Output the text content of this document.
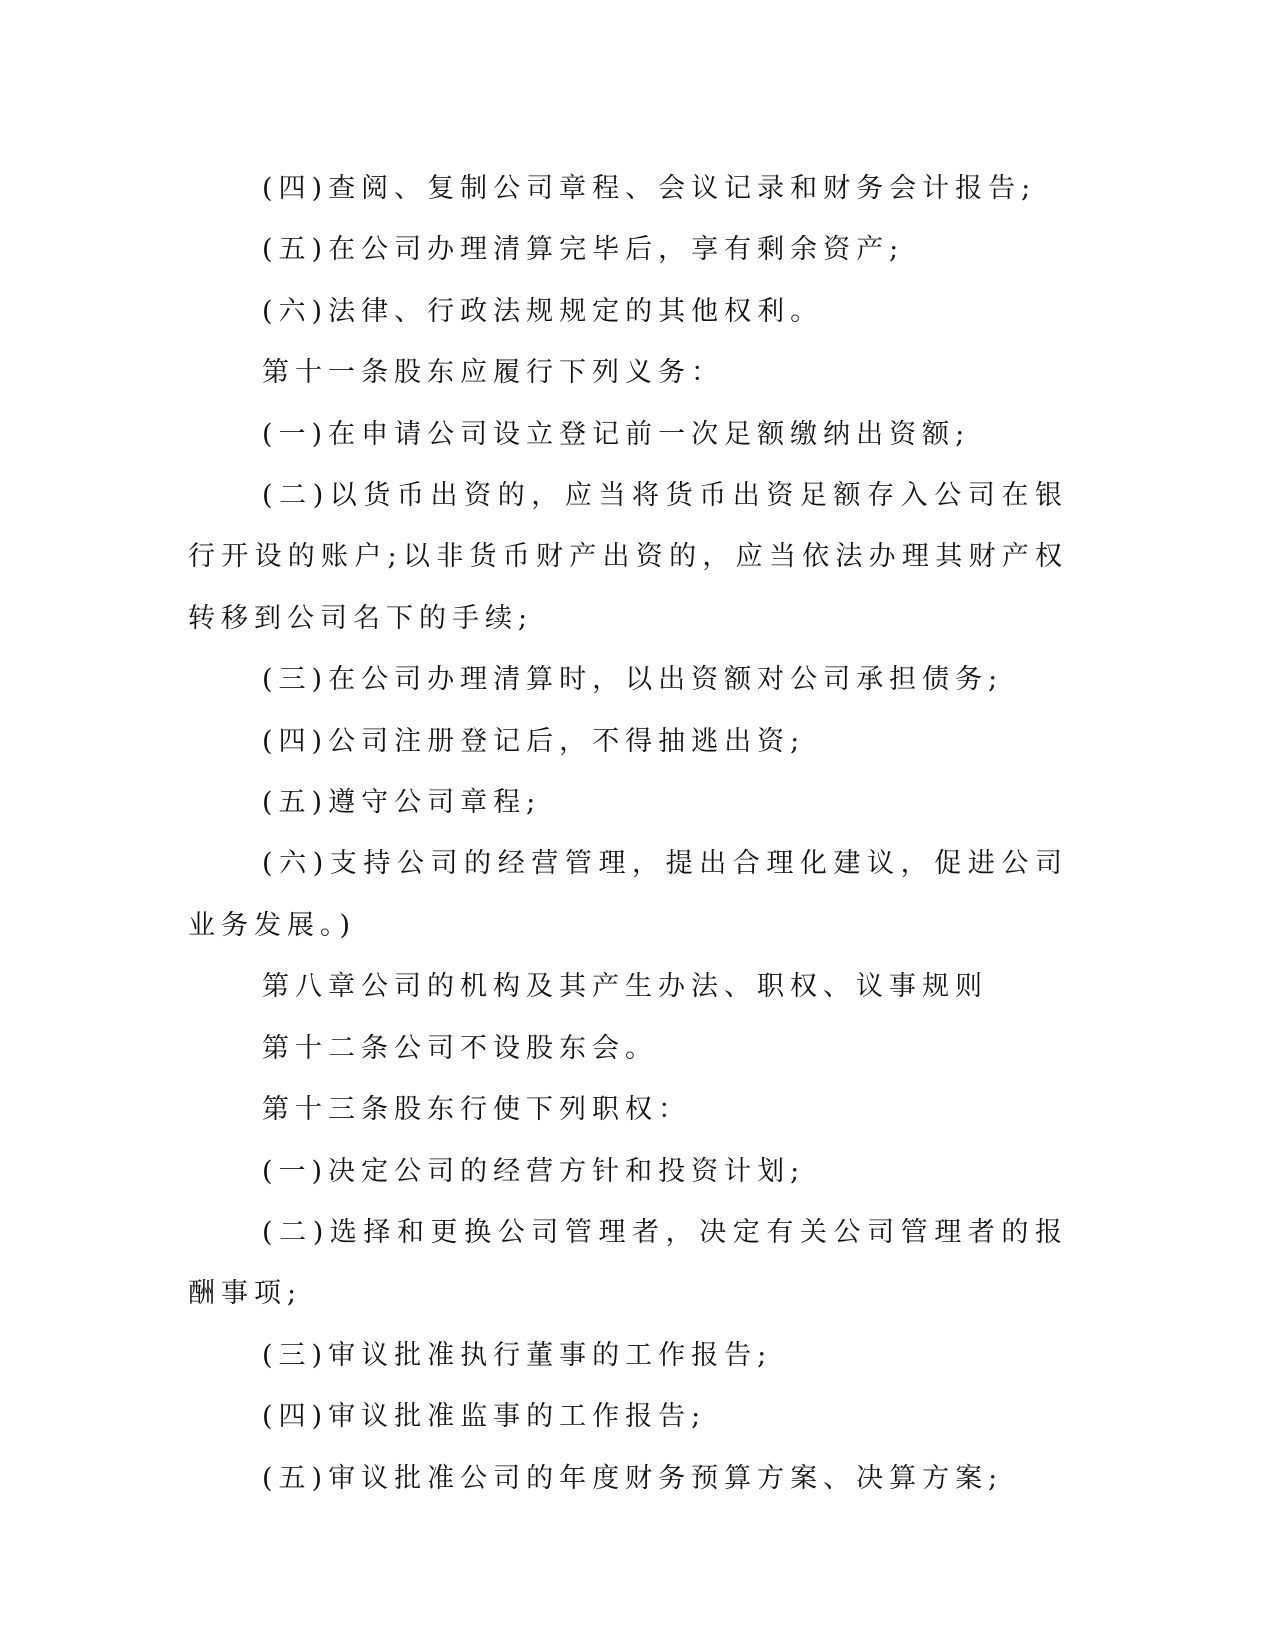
(四)查阅、复制公司章程、会议记录和财务会计报告;

(五)在公司办理清算完毕后，享有剩余资产;

(六)法律、行政法规规定的其他权利。

第十一条股东应履行下列义务：

(一)在申请公司设立登记前一次足额缴纳出资额;

(二)以货币出资的，应当将货币出资足额存入公司在银行开设的账户;以非货币财产出资的，应当依法办理其财产权转移到公司名下的手续;

(三)在公司办理清算时，以出资额对公司承担债务;

(四)公司注册登记后，不得抽逃出资;

(五)遵守公司章程;

(六)支持公司的经营管理，提出合理化建议，促进公司业务发展。)

第八章公司的机构及其产生办法、职权、议事规则

第十二条公司不设股东会。

第十三条股东行使下列职权：

(一)决定公司的经营方针和投资计划;

(二)选择和更换公司管理者，决定有关公司管理者的报酬事项;

(三)审议批准执行董事的工作报告;

(四)审议批准监事的工作报告;

(五)审议批准公司的年度财务预算方案、决算方案;
